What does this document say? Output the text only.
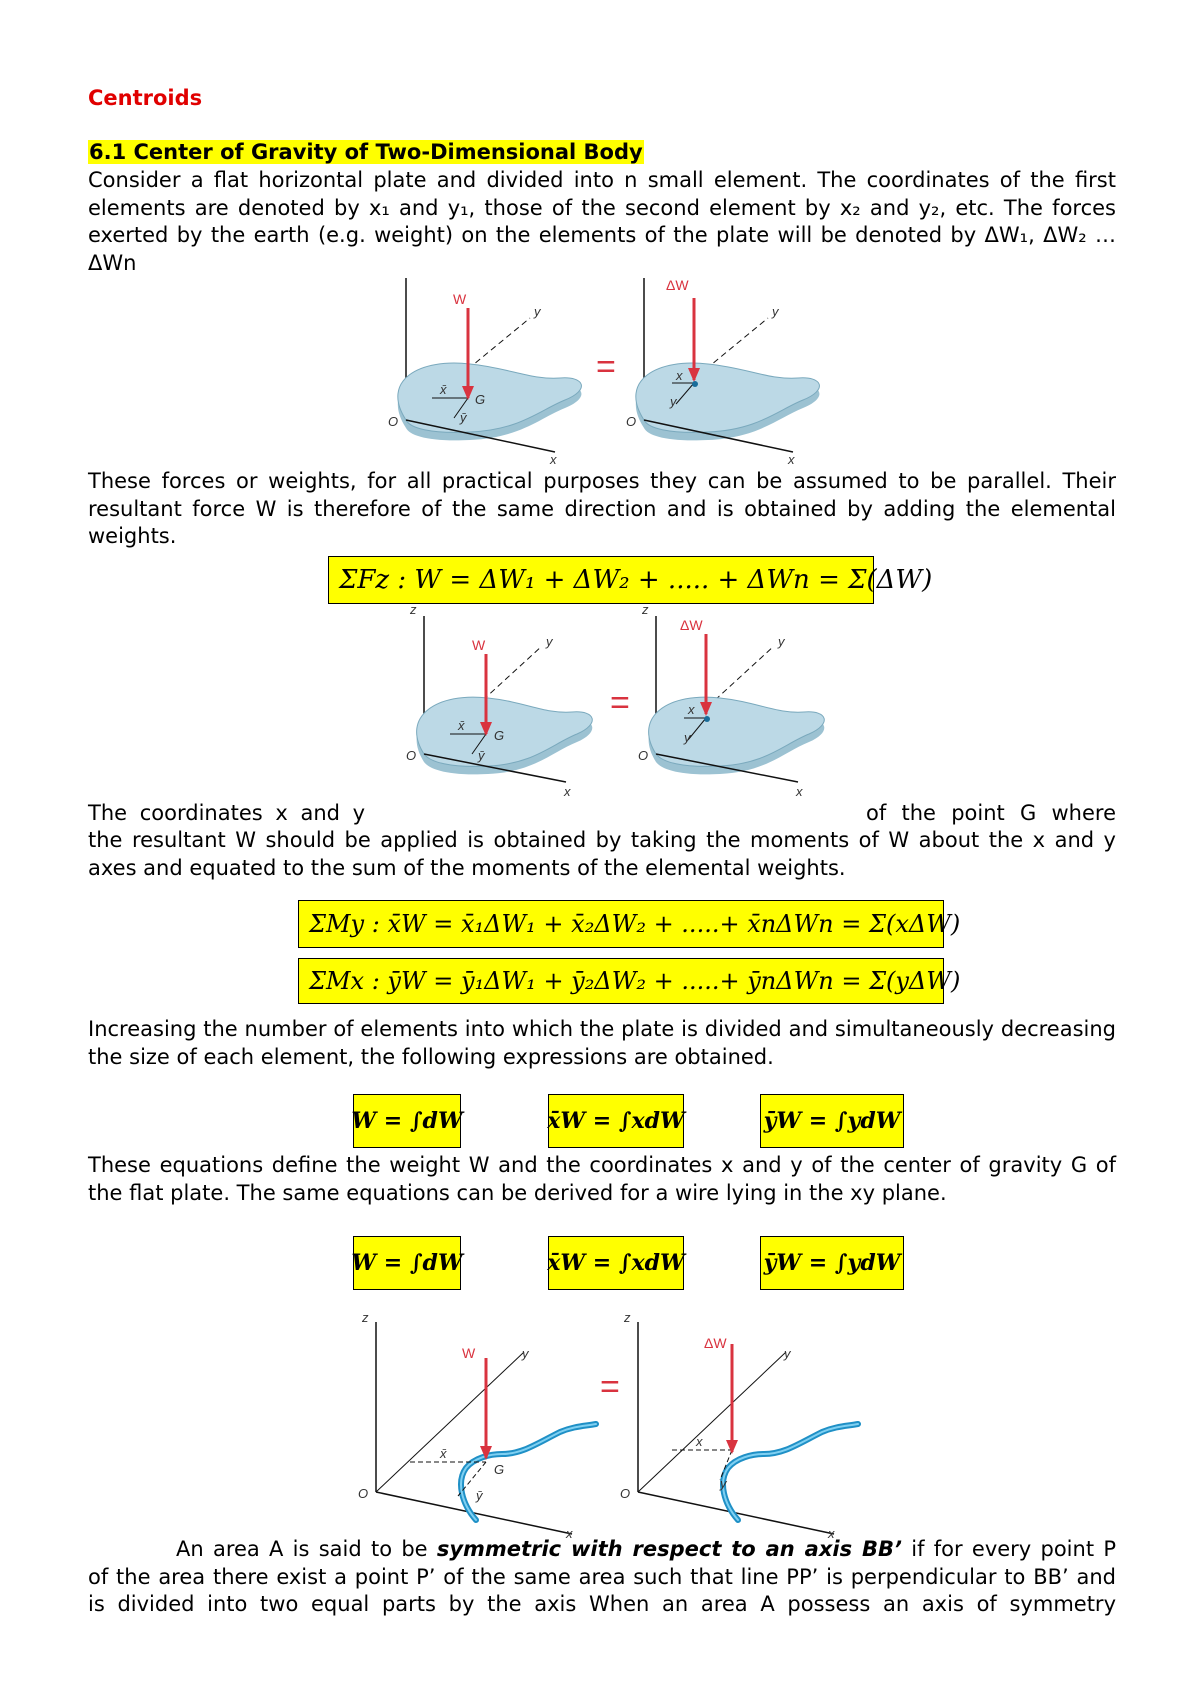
Centroids
6.1 Center of Gravity of Two-Dimensional Body
Consider a flat horizontal plate and divided into n small element. The coordinates of the first elements are denoted by x₁ and y₁, those of the second element by x₂ and y₂, etc. The forces exerted by the earth (e.g. weight) on the elements of the plate will be denoted by ΔW₁, ΔW₂ … ΔWn
W
y
x
O
G
x̄
ȳ
=
ΔW
y
x
O
x
y
These forces or weights, for all practical purposes they can be assumed to be parallel. Their resultant force W is therefore of the same direction and is obtained by adding the elemental weights.
ΣFz : W = ΔW₁ + ΔW₂ + ..... + ΔWn = Σ(ΔW)
z
W	y
x
O
G
x̄
ȳ
=
z
ΔW
y
x
O
x
y
The coordinates x and y	of the point G where
the resultant W should be applied is obtained by taking the moments of W about the x and y axes and equated to the sum of the moments of the elemental weights.
ΣMy : x̄W = x̄₁ΔW₁ + x̄₂ΔW₂ + .....+ x̄nΔWn = Σ(xΔW)
ΣMx : ȳW = ȳ₁ΔW₁ + ȳ₂ΔW₂ + .....+ ȳnΔWn = Σ(yΔW)
Increasing the number of elements into which the plate is divided and simultaneously decreasing the size of each element, the following expressions are obtained.
W = ∫dW	x̄W = ∫xdW	ȳW = ∫ydW
These equations define the weight W and the coordinates x and y of the center of gravity G of the flat plate. The same equations can be derived for a wire lying in the xy plane.
W = ∫dW	x̄W = ∫xdW	ȳW = ∫ydW
z
W	y
x
O
G
x̄
ȳ
=
z
ΔW
y
x
O
x
y
An area A is said to be symmetric with respect to an axis BB’ if for every point P
of the area there exist a point P’ of the same area such that line PP’ is perpendicular to BB’ and is divided into two equal parts by the axis When an area A possess an axis of symmetry
